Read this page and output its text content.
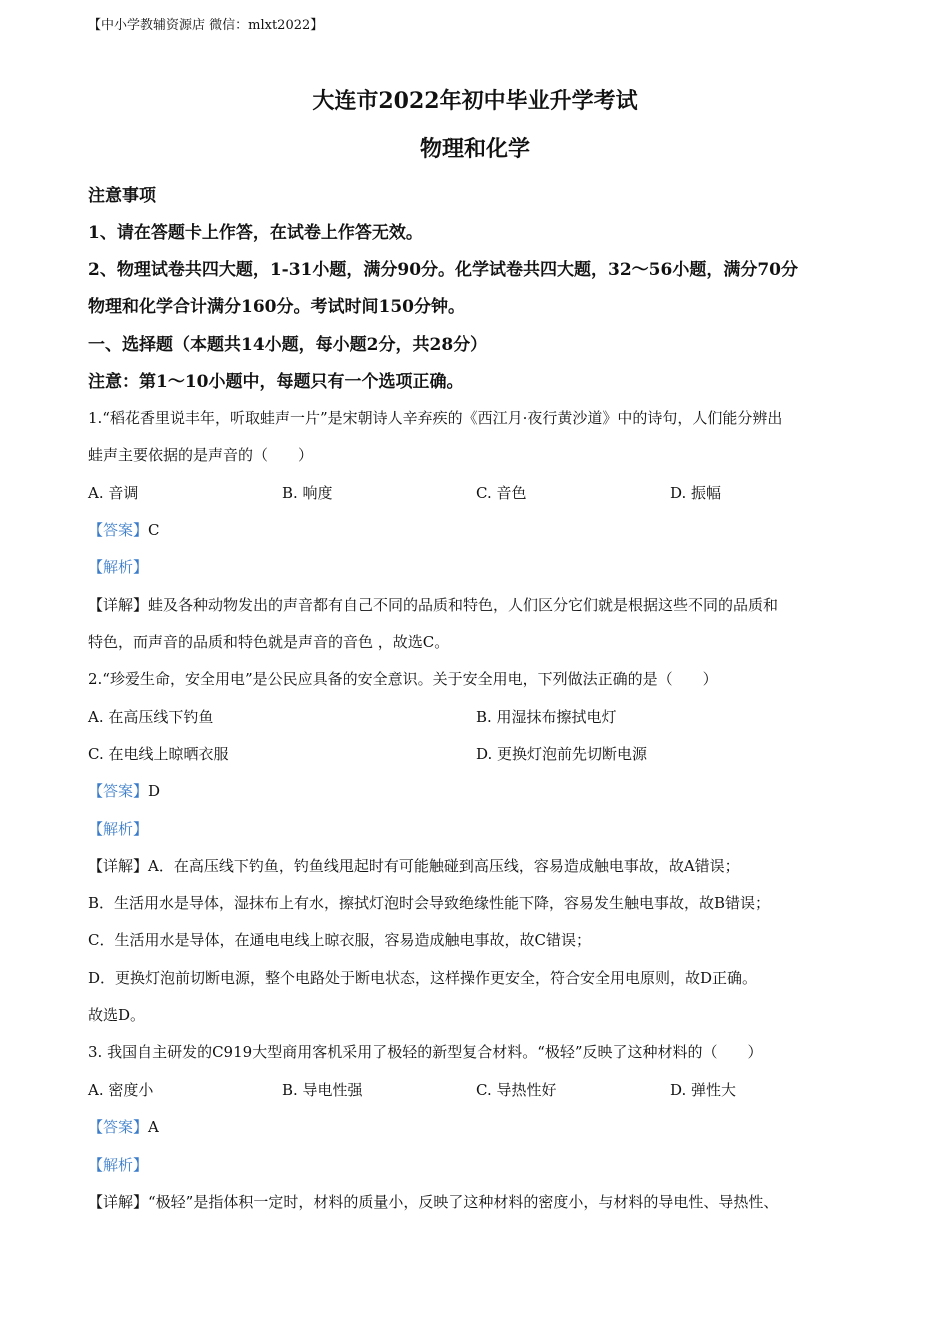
【中小学教辅资源店 微信：mlxt2022】
大连市2022年初中毕业升学考试
物理和化学
注意事项
1、请在答题卡上作答，在试卷上作答无效。
2、物理试卷共四大题，1-31小题，满分90分。化学试卷共四大题，32～56小题，满分70分
物理和化学合计满分160分。考试时间150分钟。
一、选择题（本题共14小题，每小题2分，共28分）
注意：第1～10小题中，每题只有一个选项正确。
1.“稻花香里说丰年，听取蛙声一片”是宋朝诗人辛弃疾的《西江月·夜行黄沙道》中的诗句，人们能分辨出
蛙声主要依据的是声音的（　　）
A. 音调	B. 响度	C. 音色	D. 振幅
【答案】C
【解析】
【详解】蛙及各种动物发出的声音都有自己不同的品质和特色，人们区分它们就是根据这些不同的品质和
特色，而声音的品质和特色就是声音的音色 ，故选C。
2.“珍爱生命，安全用电”是公民应具备的安全意识。关于安全用电，下列做法正确的是（　　）
A. 在高压线下钓鱼	B. 用湿抹布擦拭电灯
C. 在电线上晾晒衣服	D. 更换灯泡前先切断电源
【答案】D
【解析】
【详解】A．在高压线下钓鱼，钓鱼线甩起时有可能触碰到高压线，容易造成触电事故，故A错误；
B．生活用水是导体，湿抹布上有水，擦拭灯泡时会导致绝缘性能下降，容易发生触电事故，故B错误；
C．生活用水是导体，在通电电线上晾衣服，容易造成触电事故，故C错误；
D．更换灯泡前切断电源，整个电路处于断电状态，这样操作更安全，符合安全用电原则，故D正确。
故选D。
3. 我国自主研发的C919大型商用客机采用了极轻的新型复合材料。“极轻”反映了这种材料的（　　）
A. 密度小	B. 导电性强	C. 导热性好	D. 弹性大
【答案】A
【解析】
【详解】“极轻”是指体积一定时，材料的质量小，反映了这种材料的密度小，与材料的导电性、导热性、
